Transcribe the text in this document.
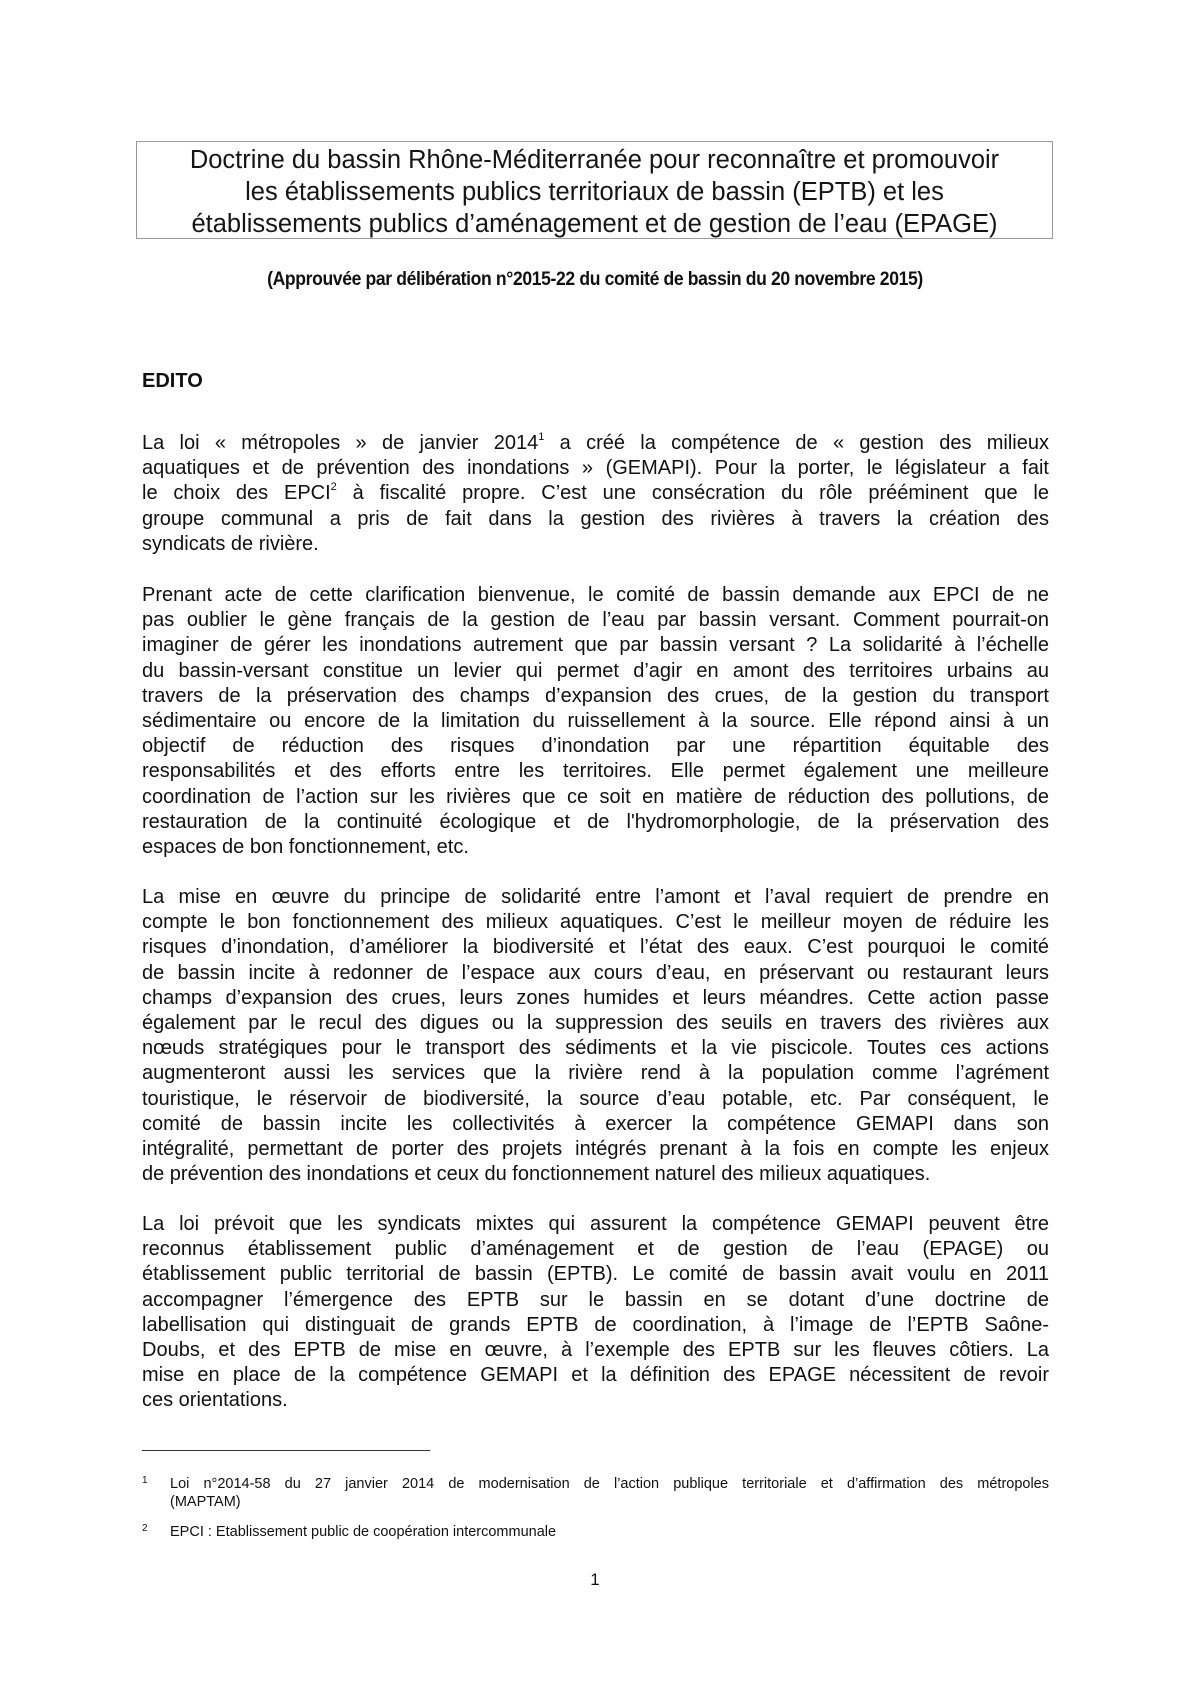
Doctrine du bassin Rhône-Méditerranée pour reconnaître et promouvoir
les établissements publics territoriaux de bassin (EPTB) et les
établissements publics d’aménagement et de gestion de l’eau (EPAGE)
(Approuvée par délibération n°2015-22 du comité de bassin du 20 novembre 2015)
EDITO
La loi « métropoles » de janvier 2014$^1$ a créé la compétence de « gestion des milieux
aquatiques et de prévention des inondations » (GEMAPI). Pour la porter, le législateur a fait
le choix des EPCI$^2$ à fiscalité propre. C’est une consécration du rôle prééminent que le
groupe communal a pris de fait dans la gestion des rivières à travers la création des
syndicats de rivière.
Prenant acte de cette clarification bienvenue, le comité de bassin demande aux EPCI de ne
pas oublier le gène français de la gestion de l’eau par bassin versant. Comment pourrait-on
imaginer de gérer les inondations autrement que par bassin versant ? La solidarité à l’échelle
du bassin-versant constitue un levier qui permet d’agir en amont des territoires urbains au
travers de la préservation des champs d’expansion des crues, de la gestion du transport
sédimentaire ou encore de la limitation du ruissellement à la source. Elle répond ainsi à un
objectif de réduction des risques d’inondation par une répartition équitable des
responsabilités et des efforts entre les territoires. Elle permet également une meilleure
coordination de l’action sur les rivières que ce soit en matière de réduction des pollutions, de
restauration de la continuité écologique et de l'hydromorphologie, de la préservation des
espaces de bon fonctionnement, etc.
La mise en œuvre du principe de solidarité entre l’amont et l’aval requiert de prendre en
compte le bon fonctionnement des milieux aquatiques. C’est le meilleur moyen de réduire les
risques d’inondation, d’améliorer la biodiversité et l’état des eaux. C’est pourquoi le comité
de bassin incite à redonner de l’espace aux cours d’eau, en préservant ou restaurant leurs
champs d’expansion des crues, leurs zones humides et leurs méandres. Cette action passe
également par le recul des digues ou la suppression des seuils en travers des rivières aux
nœuds stratégiques pour le transport des sédiments et la vie piscicole. Toutes ces actions
augmenteront aussi les services que la rivière rend à la population comme l’agrément
touristique, le réservoir de biodiversité, la source d’eau potable, etc. Par conséquent, le
comité de bassin incite les collectivités à exercer la compétence GEMAPI dans son
intégralité, permettant de porter des projets intégrés prenant à la fois en compte les enjeux
de prévention des inondations et ceux du fonctionnement naturel des milieux aquatiques.
La loi prévoit que les syndicats mixtes qui assurent la compétence GEMAPI peuvent être
reconnus établissement public d’aménagement et de gestion de l’eau (EPAGE) ou
établissement public territorial de bassin (EPTB). Le comité de bassin avait voulu en 2011
accompagner l’émergence des EPTB sur le bassin en se dotant d’une doctrine de
labellisation qui distinguait de grands EPTB de coordination, à l’image de l’EPTB Saône-
Doubs, et des EPTB de mise en œuvre, à l’exemple des EPTB sur les fleuves côtiers. La
mise en place de la compétence GEMAPI et la définition des EPAGE nécessitent de revoir
ces orientations.
1 Loi n°2014-58 du 27 janvier 2014 de modernisation de l’action publique territoriale et d’affirmation des métropoles
(MAPTAM)
2 EPCI : Etablissement public de coopération intercommunale
1
